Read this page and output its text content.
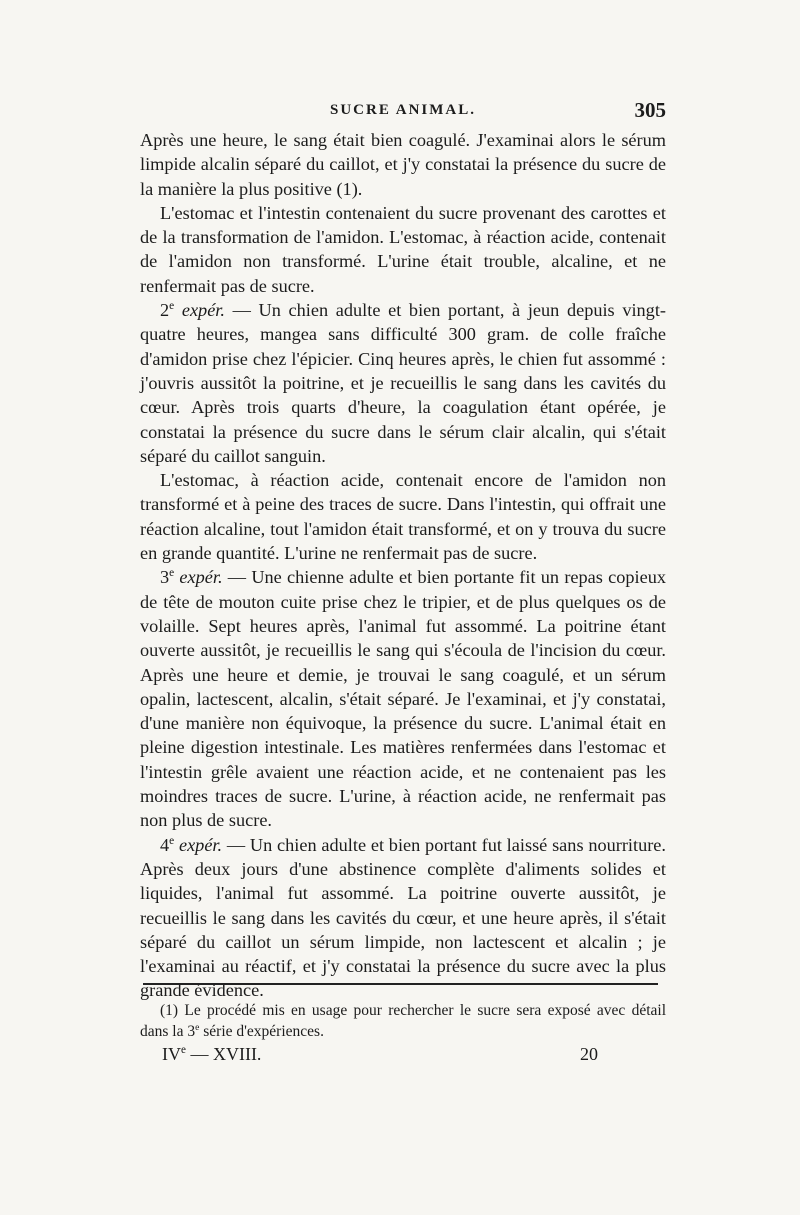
SUCRE ANIMAL.	305

Après une heure, le sang était bien coagulé. J'examinai alors le sérum limpide alcalin séparé du caillot, et j'y constatai la présence du sucre de la manière la plus positive (1).

L'estomac et l'intestin contenaient du sucre provenant des carottes et de la transformation de l'amidon. L'estomac, à réaction acide, contenait de l'amidon non transformé. L'urine était trouble, alcaline, et ne renfermait pas de sucre.

2e expér. — Un chien adulte et bien portant, à jeun depuis vingt-quatre heures, mangea sans difficulté 300 gram. de colle fraîche d'amidon prise chez l'épicier. Cinq heures après, le chien fut assommé : j'ouvris aussitôt la poitrine, et je recueillis le sang dans les cavités du cœur. Après trois quarts d'heure, la coagulation étant opérée, je constatai la présence du sucre dans le sérum clair alcalin, qui s'était séparé du caillot sanguin.

L'estomac, à réaction acide, contenait encore de l'amidon non transformé et à peine des traces de sucre. Dans l'intestin, qui offrait une réaction alcaline, tout l'amidon était transformé, et on y trouva du sucre en grande quantité. L'urine ne renfermait pas de sucre.

3e expér. — Une chienne adulte et bien portante fit un repas copieux de tête de mouton cuite prise chez le tripier, et de plus quelques os de volaille. Sept heures après, l'animal fut assommé. La poitrine étant ouverte aussitôt, je recueillis le sang qui s'écoula de l'incision du cœur. Après une heure et demie, je trouvai le sang coagulé, et un sérum opalin, lactescent, alcalin, s'était séparé. Je l'examinai, et j'y constatai, d'une manière non équivoque, la présence du sucre. L'animal était en pleine digestion intestinale. Les matières renfermées dans l'estomac et l'intestin grêle avaient une réaction acide, et ne contenaient pas les moindres traces de sucre. L'urine, à réaction acide, ne renfermait pas non plus de sucre.

4e expér. — Un chien adulte et bien portant fut laissé sans nourriture. Après deux jours d'une abstinence complète d'aliments solides et liquides, l'animal fut assommé. La poitrine ouverte aussitôt, je recueillis le sang dans les cavités du cœur, et une heure après, il s'était séparé du caillot un sérum limpide, non lactescent et alcalin ; je l'examinai au réactif, et j'y constatai la présence du sucre avec la plus grande évidence.

(1) Le procédé mis en usage pour rechercher le sucre sera exposé avec détail dans la 3e série d'expériences.

IVe — XVIII.	20
